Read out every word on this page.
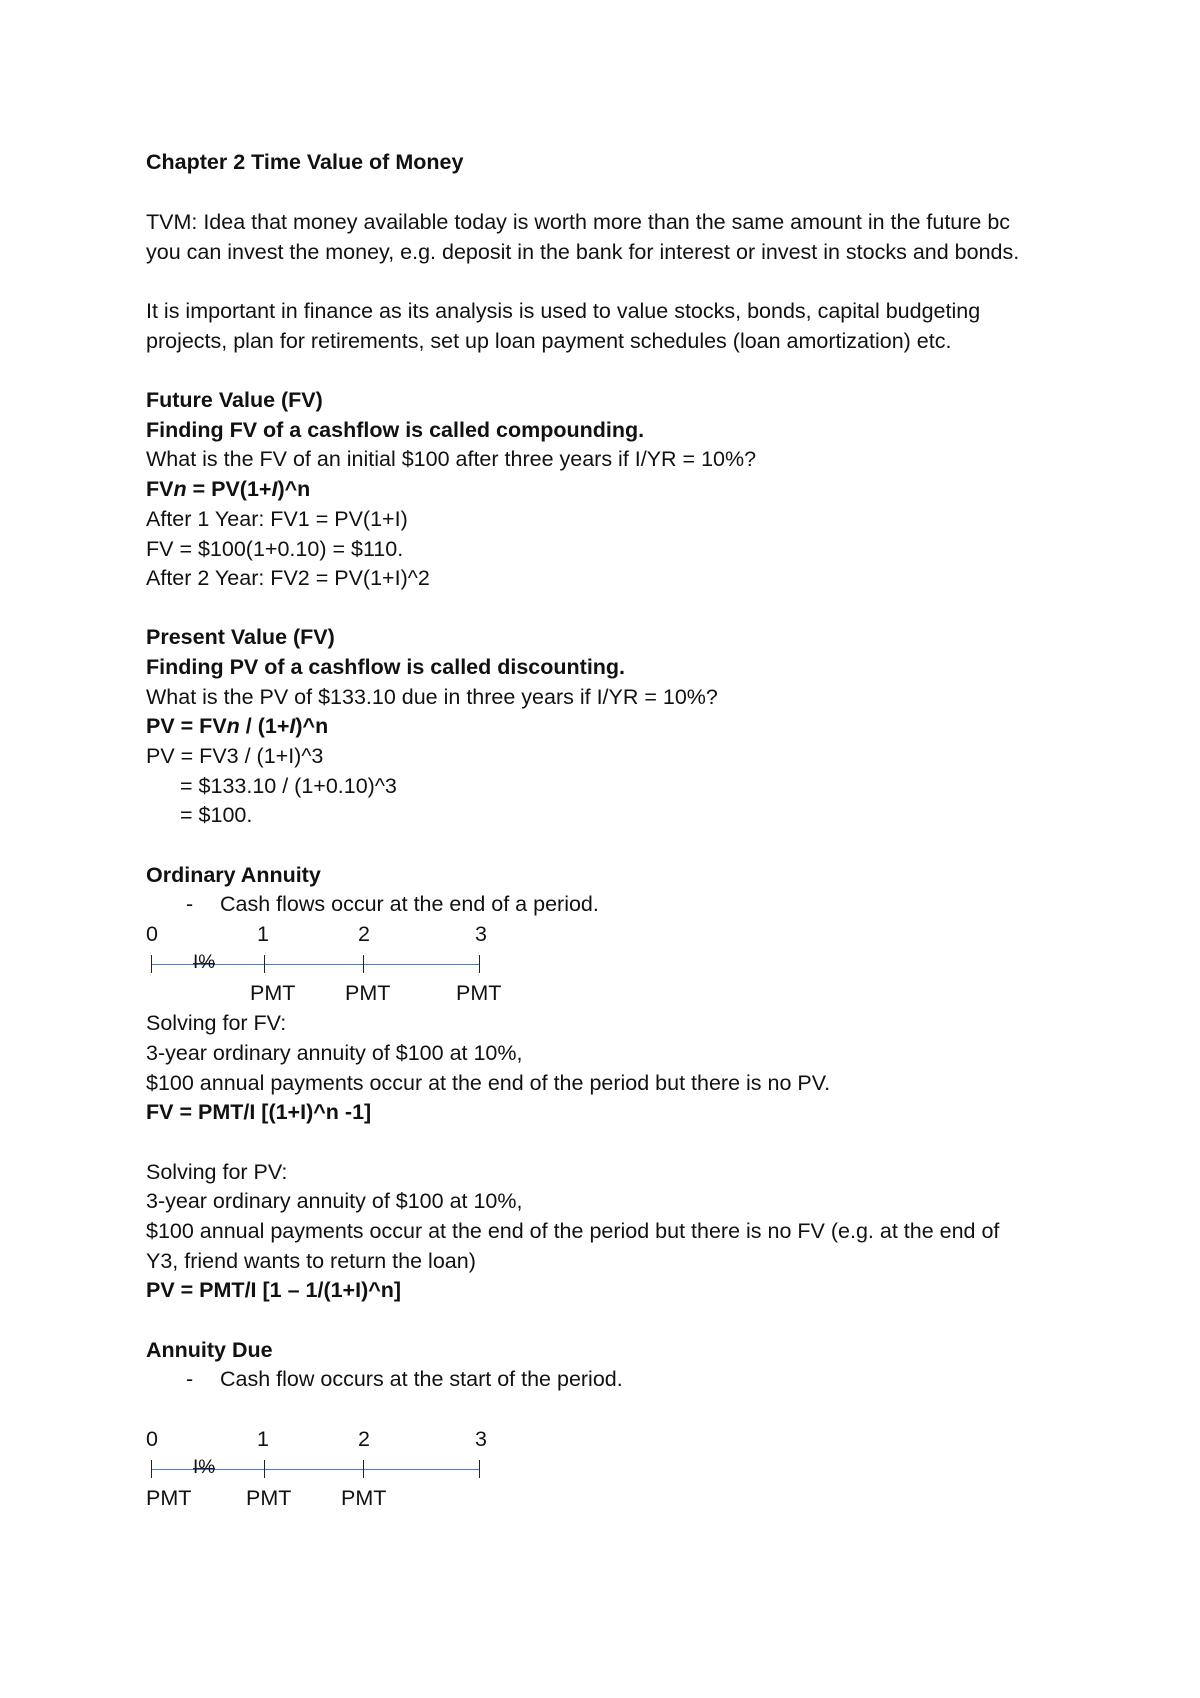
Chapter 2 Time Value of Money
TVM: Idea that money available today is worth more than the same amount in the future bc
you can invest the money, e.g. deposit in the bank for interest or invest in stocks and bonds.
It is important in finance as its analysis is used to value stocks, bonds, capital budgeting
projects, plan for retirements, set up loan payment schedules (loan amortization) etc.
Future Value (FV)
Finding FV of a cashflow is called compounding.
What is the FV of an initial $100 after three years if I/YR = 10%?
FVn = PV(1+I)^n
After 1 Year: FV1 = PV(1+I)
FV = $100(1+0.10) = $110.
After 2 Year: FV2 = PV(1+I)^2
Present Value (FV)
Finding PV of a cashflow is called discounting.
What is the PV of $133.10 due in three years if I/YR = 10%?
PV = FVn / (1+I)^n
PV = FV3 / (1+I)^3
= $133.10 / (1+0.10)^3
= $100.
Ordinary Annuity
- Cash flows occur at the end of a period.
0	1	2	3
I%
PMT PMT	PMT
Solving for FV:
3-year ordinary annuity of $100 at 10%,
$100 annual payments occur at the end of the period but there is no PV.
FV = PMT/I [(1+I)^n -1]
Solving for PV:
3-year ordinary annuity of $100 at 10%,
$100 annual payments occur at the end of the period but there is no FV (e.g. at the end of
Y3, friend wants to return the loan)
PV = PMT/I [1 – 1/(1+I)^n]
Annuity Due
- Cash flow occurs at the start of the period.
0	1	2	3
I%
PMT	PMT PMT
